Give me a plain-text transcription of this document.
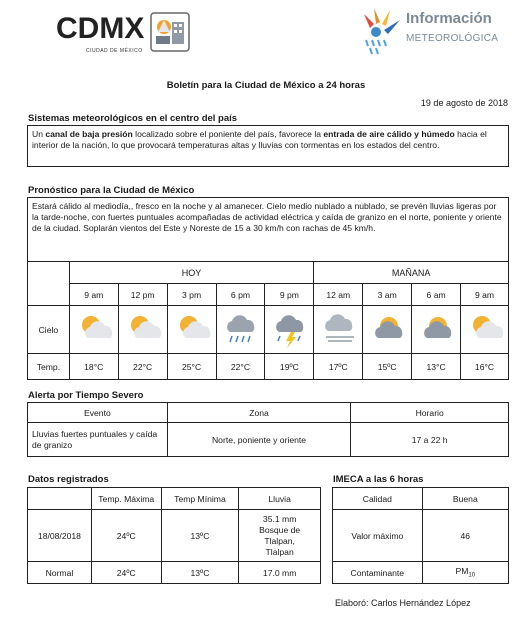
CDMX
CIUDAD DE MÉXICO
Información
METEOROLÓGICA
Boletín para la Ciudad de México a 24 horas
19 de agosto de 2018
Sistemas meteorológicos en el centro del país
Un canal de baja presión localizado sobre el poniente del país, favorece la entrada de aire cálido y húmedo hacia el interior de la nación, lo que provocará temperaturas altas y lluvias con tormentas en los estados del centro.
Pronóstico para la Ciudad de México
Estará cálido al mediodía,, fresco en la noche y al amanecer. Cielo medio nublado a nublado, se prevén lluvias ligeras por la tarde-noche, con fuertes puntuales acompañadas de actividad eléctrica y caída de granizo en el norte, poniente y oriente de la ciudad. Soplarán vientos del Este y Noreste de 15 a 30 km/h con rachas de 45 km/h.
	HOY					MAÑANA			
	9 am	12 pm	3 pm	6 pm	9 pm	12 am	3 am	6 am	9 am
Cielo	

Temp.	18°C	22°C	25°C	22°C	19ºC	17ºC	15ºC	13°C	16°C
Alerta por Tiempo Severo
Evento	Zona	Horario
Lluvias fuertes puntuales y caída de granizo	Norte, poniente y oriente	17 a 22 h
Datos registrados
	Temp. Máxima	Temp Mínima	Lluvia
18/08/2018	24ºC	13ºC	35.1 mm
Bosque de
Tlalpan,
Tlalpan

Normal	24ºC	13ºC	17.0 mm
IMECA a las 6 horas
Calidad	Buena
Valor máximo	46
Contaminante	$PM_{10}$
Elaboró: Carlos Hernández López
